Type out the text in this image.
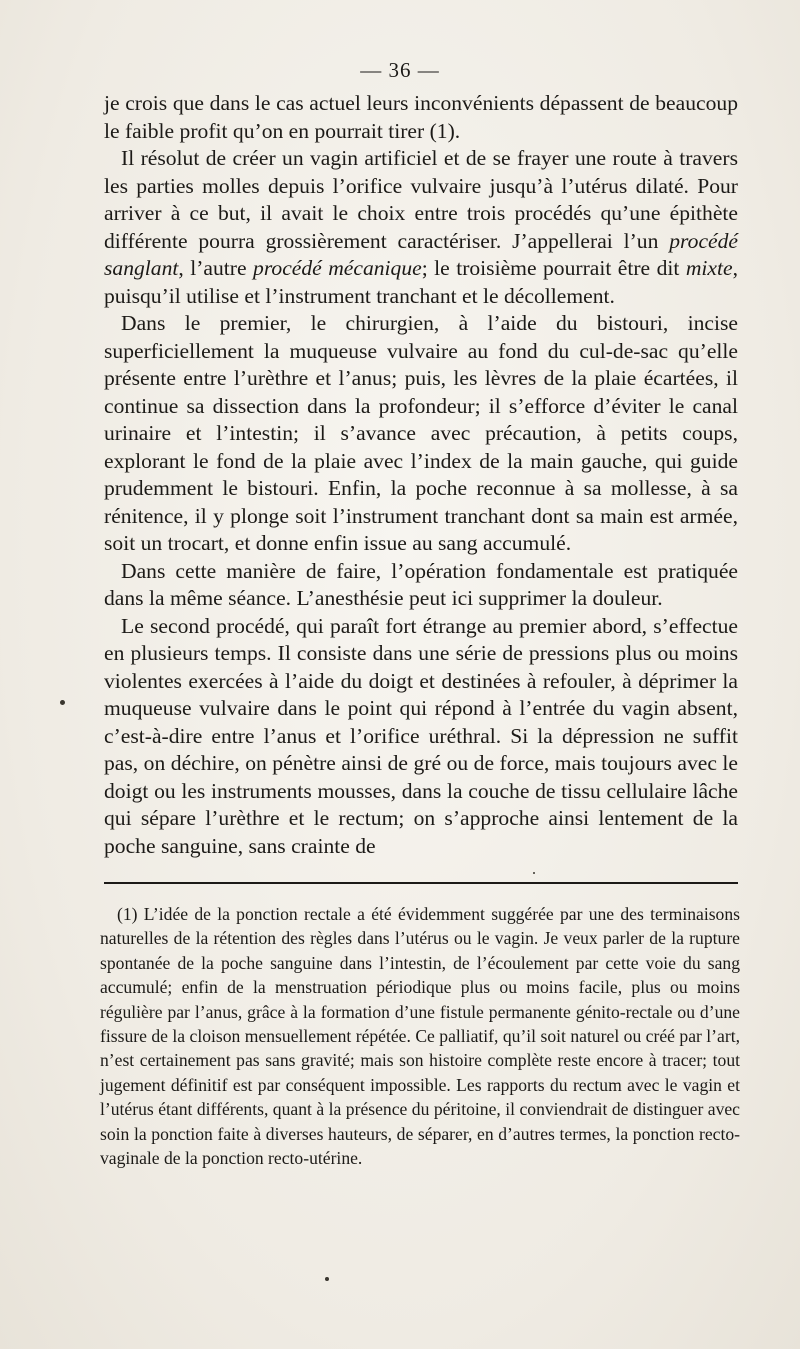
— 36 —

je crois que dans le cas actuel leurs inconvénients dépassent de beaucoup le faible profit qu’on en pourrait tirer (1).

Il résolut de créer un vagin artificiel et de se frayer une route à travers les parties molles depuis l’orifice vulvaire jusqu’à l’utérus dilaté. Pour arriver à ce but, il avait le choix entre trois procédés qu’une épithète différente pourra grossièrement caractériser. J’appellerai l’un procédé sanglant, l’autre procédé mécanique; le troisième pourrait être dit mixte, puisqu’il utilise et l’instrument tranchant et le décollement.

Dans le premier, le chirurgien, à l’aide du bistouri, incise superficiellement la muqueuse vulvaire au fond du cul-de-sac qu’elle présente entre l’urèthre et l’anus; puis, les lèvres de la plaie écartées, il continue sa dissection dans la profondeur; il s’efforce d’éviter le canal urinaire et l’intestin; il s’avance avec précaution, à petits coups, explorant le fond de la plaie avec l’index de la main gauche, qui guide prudemment le bistouri. Enfin, la poche reconnue à sa mollesse, à sa rénitence, il y plonge soit l’instrument tranchant dont sa main est armée, soit un trocart, et donne enfin issue au sang accumulé.

Dans cette manière de faire, l’opération fondamentale est pratiquée dans la même séance. L’anesthésie peut ici supprimer la douleur.

Le second procédé, qui paraît fort étrange au premier abord, s’effectue en plusieurs temps. Il consiste dans une série de pressions plus ou moins violentes exercées à l’aide du doigt et destinées à refouler, à déprimer la muqueuse vulvaire dans le point qui répond à l’entrée du vagin absent, c’est-à-dire entre l’anus et l’orifice uréthral. Si la dépression ne suffit pas, on déchire, on pénètre ainsi de gré ou de force, mais toujours avec le doigt ou les instruments mousses, dans la couche de tissu cellulaire lâche qui sépare l’urèthre et le rectum; on s’approche ainsi lentement de la poche sanguine, sans crainte de

(1) L’idée de la ponction rectale a été évidemment suggérée par une des terminaisons naturelles de la rétention des règles dans l’utérus ou le vagin. Je veux parler de la rupture spontanée de la poche sanguine dans l’intestin, de l’écoulement par cette voie du sang accumulé; enfin de la menstruation périodique plus ou moins facile, plus ou moins régulière par l’anus, grâce à la formation d’une fistule permanente génito-rectale ou d’une fissure de la cloison mensuellement répétée. Ce palliatif, qu’il soit naturel ou créé par l’art, n’est certainement pas sans gravité; mais son histoire complète reste encore à tracer; tout jugement définitif est par conséquent impossible. Les rapports du rectum avec le vagin et l’utérus étant différents, quant à la présence du péritoine, il conviendrait de distinguer avec soin la ponction faite à diverses hauteurs, de séparer, en d’autres termes, la ponction recto-vaginale de la ponction recto-utérine.
